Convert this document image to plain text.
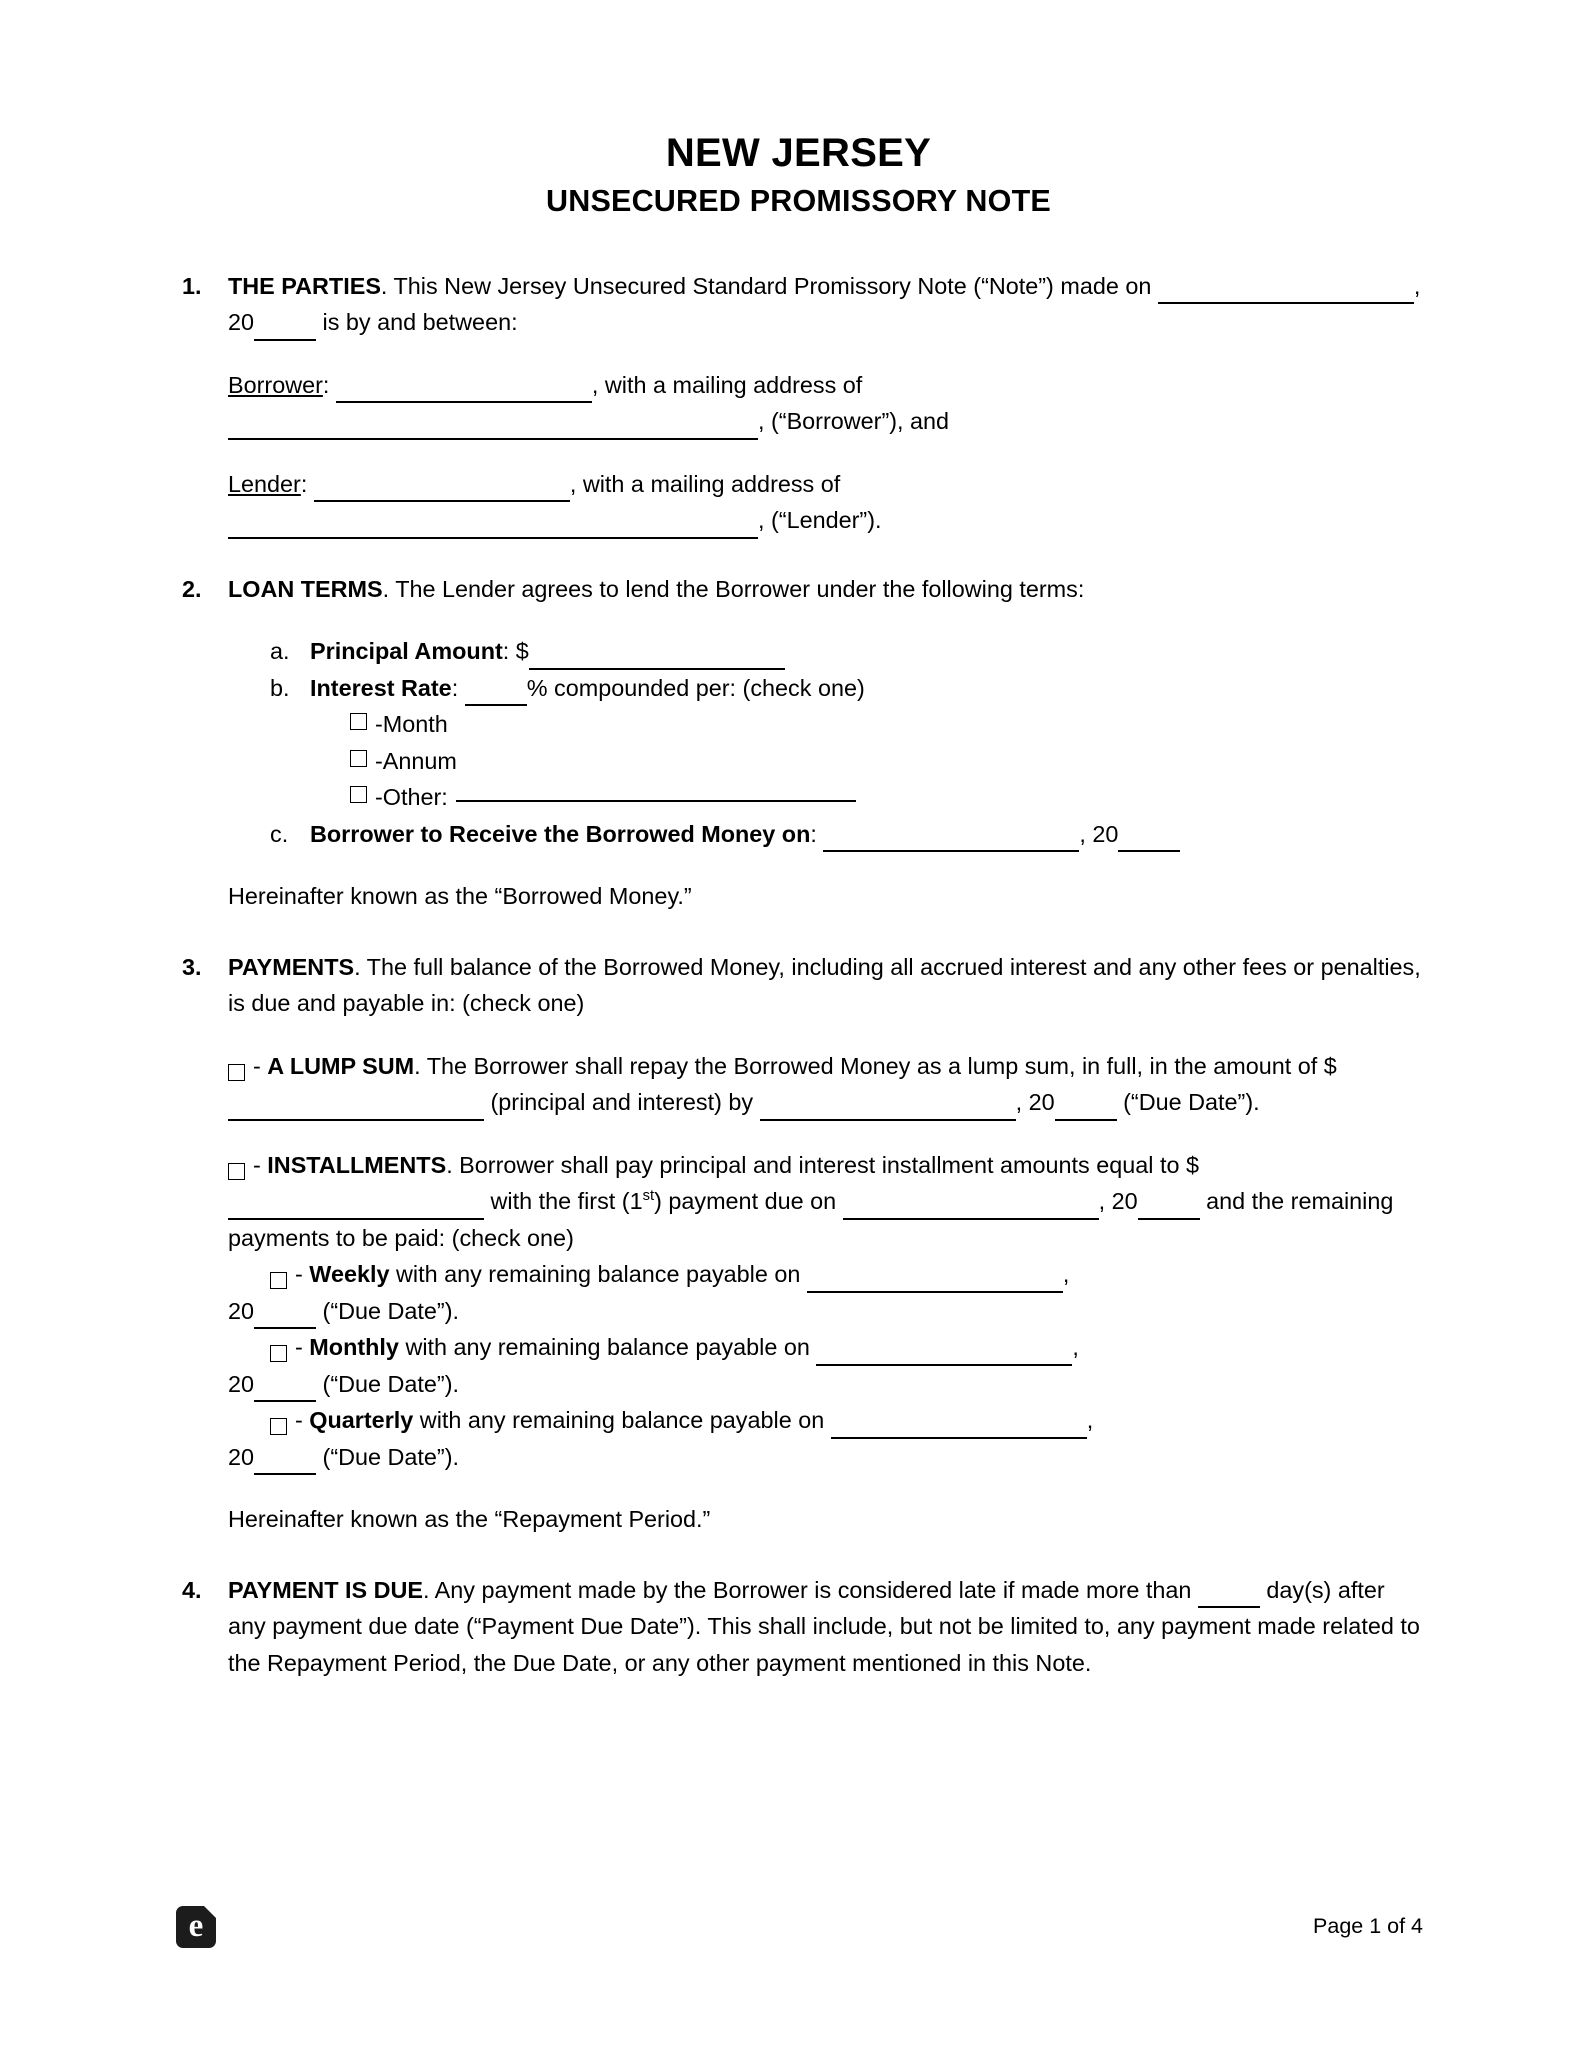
NEW JERSEY
UNSECURED PROMISSORY NOTE
1.	THE PARTIES. This New Jersey Unsecured Standard Promissory Note (“Note”) made on	, 20	is by and between:
Borrower:	, with a mailing address of
, (“Borrower”), and
Lender:	, with a mailing address of
, (“Lender”).
2.	LOAN TERMS. The Lender agrees to lend the Borrower under the following terms:
a. Principal Amount: $
b. Interest Rate:	% compounded per: (check one)
- Month
- Annum
- Other:
c. Borrower to Receive the Borrowed Money on:	, 20
Hereinafter known as the “Borrowed Money.”
3.	PAYMENTS. The full balance of the Borrowed Money, including all accrued interest and any other fees or penalties, is due and payable in: (check one)
- A LUMP SUM. The Borrower shall repay the Borrowed Money as a lump sum, in full, in the amount of $ (principal and interest) by	, 20	(“Due Date”).
- INSTALLMENTS. Borrower shall pay principal and interest installment amounts equal to $ with the first (1st) payment due on	, 20	and the remaining payments to be paid: (check one)
- Weekly with any remaining balance payable on	,
20	(“Due Date”).
- Monthly with any remaining balance payable on	,
20	(“Due Date”).
- Quarterly with any remaining balance payable on	,
20	(“Due Date”).
Hereinafter known as the “Repayment Period.”
4.	PAYMENT IS DUE. Any payment made by the Borrower is considered late if made more than	day(s) after any payment due date (“Payment Due Date”). This shall include, but not be limited to, any payment made related to the Repayment Period, the Due Date, or any other payment mentioned in this Note.
e
Page 1 of 4
